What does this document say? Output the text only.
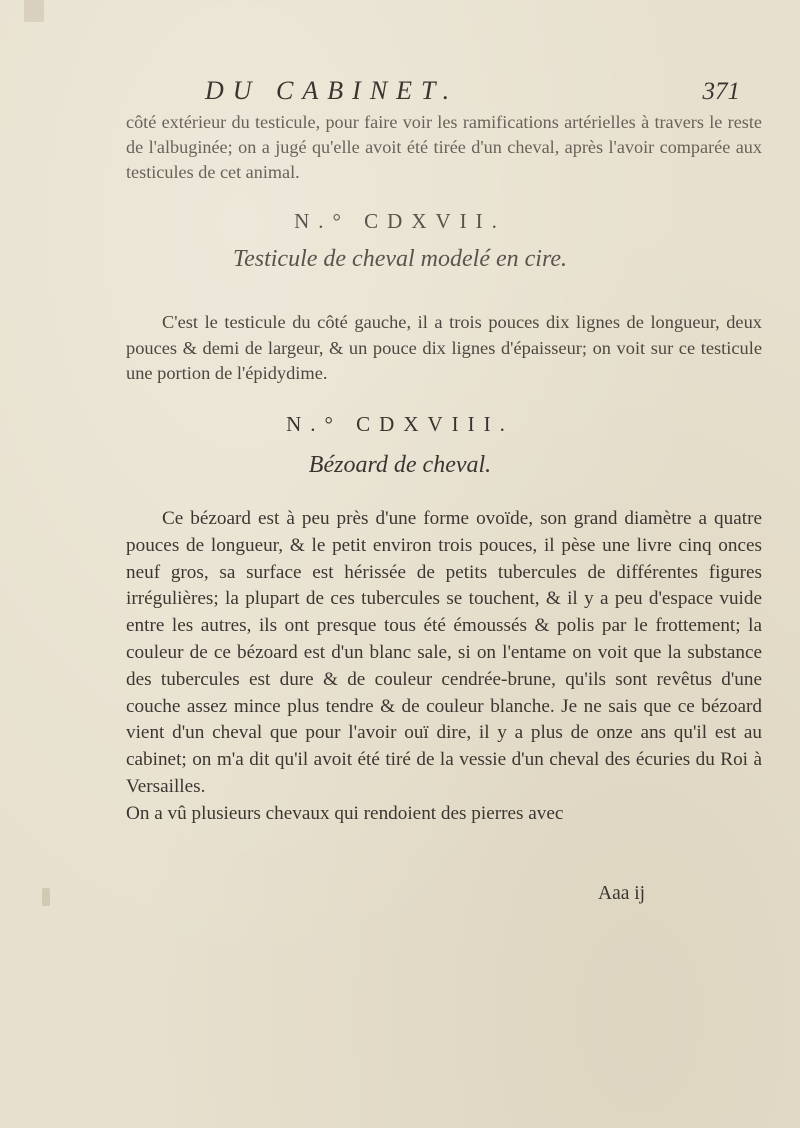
DU CABINET.	371
côté extérieur du testicule, pour faire voir les ramifications artérielles à travers le reste de l'albuginée; on a jugé qu'elle avoit été tirée d'un cheval, après l'avoir comparée aux testicules de cet animal.
N.° CDXVII.
Testicule de cheval modelé en cire.
C'est le testicule du côté gauche, il a trois pouces dix lignes de longueur, deux pouces & demi de largeur, & un pouce dix lignes d'épaisseur; on voit sur ce testicule une portion de l'épidydime.
N.° CDXVIII.
Bézoard de cheval.
Ce bézoard est à peu près d'une forme ovoïde, son grand diamètre a quatre pouces de longueur, & le petit environ trois pouces, il pèse une livre cinq onces neuf gros, sa surface est hérissée de petits tubercules de différentes figures irrégulières; la plupart de ces tubercules se touchent, & il y a peu d'espace vuide entre les autres, ils ont presque tous été émoussés & polis par le frottement; la couleur de ce bézoard est d'un blanc sale, si on l'entame on voit que la substance des tubercules est dure & de couleur cendrée-brune, qu'ils sont revêtus d'une couche assez mince plus tendre & de couleur blanche. Je ne sais que ce bézoard vient d'un cheval que pour l'avoir ouï dire, il y a plus de onze ans qu'il est au cabinet; on m'a dit qu'il avoit été tiré de la vessie d'un cheval des écuries du Roi à Versailles.
On a vû plusieurs chevaux qui rendoient des pierres avec
Aaa ij
